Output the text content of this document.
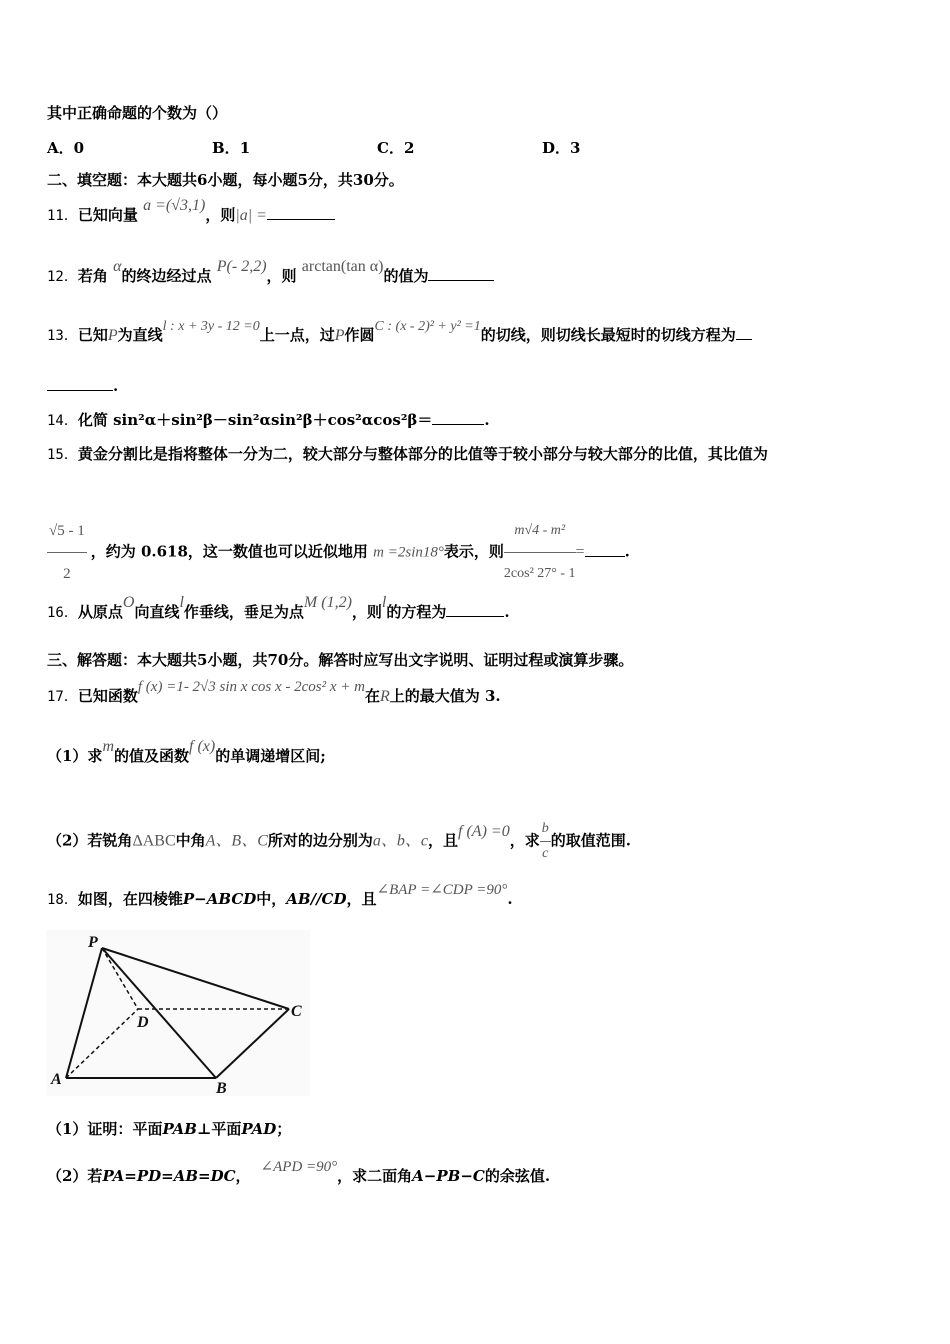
其中正确命题的个数为（）
A．0	B．1	C．2	D．3
二、填空题：本大题共6小题，每小题5分，共30分。
11．已知向量 a =(√3,1)，则|a| =
12．若角 α的终边经过点 P(- 2,2)，则 arctan(tan α)的值为
13．已知P为直线l : x + 3y - 12 =0上一点，过P作圆C : (x - 2)² + y² =1的切线，则切线长最短时的切线方程为
.
14．化简 sin²α＋sin²β－sin²αsin²β＋cos²αcos²β＝	.
15．黄金分割比是指将整体一分为二，较大部分与整体部分的比值等于较小部分与较大部分的比值，其比值为
$\frac{√5 - 1}{2}$ ，约为 0.618，这一数值也可以近似地用 m =2sin18°表示，则 $\frac{\text{m√4 - m²}}{\text{2cos² 27° - 1}}$ =	.
16．从原点O向直线l作垂线，垂足为点M (1,2)，则l的方程为	.
三、解答题：本大题共5小题，共70分。解答时应写出文字说明、证明过程或演算步骤。
17．已知函数f (x) =1- 2√3 sin x cos x - 2cos² x + m在R上的最大值为 3.
（1）求m的值及函数f (x)的单调递增区间;
（2）若锐角ΔABC中角A、B、C所对的边分别为a、b、c，且f (A) =0，求 $\frac{b}{c}$ 的取值范围.
18．如图，在四棱锥P−ABCD中，AB//CD，且∠BAP =∠CDP =90°.
P
D
C
A
B
（1）证明：平面PAB⊥平面PAD；
（2）若PA=PD=AB=DC， ∠APD =90°，求二面角A−PB−C的余弦值.
